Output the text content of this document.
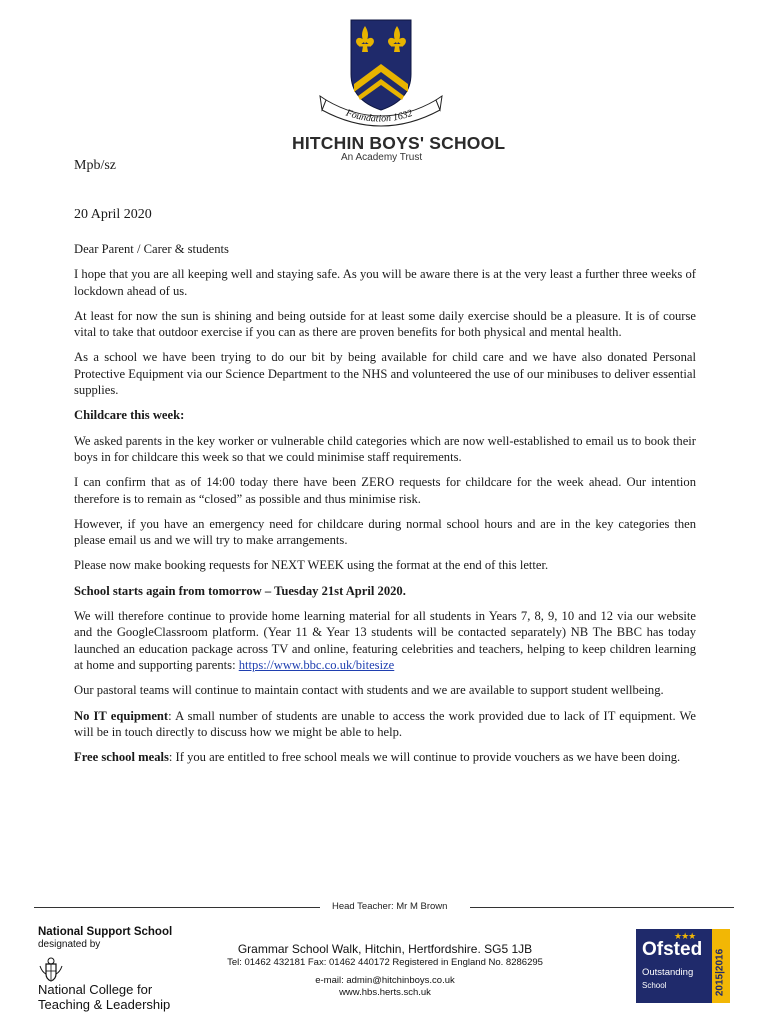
Foundation 1632
HITCHIN BOYS' SCHOOL
An Academy Trust
Mpb/sz
20 April 2020

Dear Parent / Carer & students

I hope that you are all keeping well and staying safe. As you will be aware there is at the very least a further three weeks of lockdown ahead of us.

At least for now the sun is shining and being outside for at least some daily exercise should be a pleasure. It is of course vital to take that outdoor exercise if you can as there are proven benefits for both physical and mental health.

As a school we have been trying to do our bit by being available for child care and we have also donated Personal Protective Equipment via our Science Department to the NHS and volunteered the use of our minibuses to deliver essential supplies.

Childcare this week:

We asked parents in the key worker or vulnerable child categories which are now well-established to email us to book their boys in for childcare this week so that we could minimise staff requirements.

I can confirm that as of 14:00 today there have been ZERO requests for childcare for the week ahead. Our intention therefore is to remain as “closed” as possible and thus minimise risk.

However, if you have an emergency need for childcare during normal school hours and are in the key categories then please email us and we will try to make arrangements.

Please now make booking requests for NEXT WEEK using the format at the end of this letter.

School starts again from tomorrow – Tuesday 21st April 2020.

We will therefore continue to provide home learning material for all students in Years 7, 8, 9, 10 and 12 via our website and the GoogleClassroom platform. (Year 11 & Year 13 students will be contacted separately) NB The BBC has today launched an education package across TV and online, featuring celebrities and teachers, helping to keep children learning at home and supporting parents: https://www.bbc.co.uk/bitesize

Our pastoral teams will continue to maintain contact with students and we are available to support student wellbeing.

No IT equipment: A small number of students are unable to access the work provided due to lack of IT equipment. We will be in touch directly to discuss how we might be able to help.

Free school meals: If you are entitled to free school meals we will continue to provide vouchers as we have been doing.

Head Teacher: Mr M Brown
National Support School
designated by
National College for Teaching & Leadership
Grammar School Walk, Hitchin, Hertfordshire. SG5 1JB
Tel: 01462 432181 Fax: 01462 440172 Registered in England No. 8286295
e-mail: admin@hitchinboys.co.uk
www.hbs.herts.sch.uk
★★★
Ofsted
Outstanding
School	2015|2016
